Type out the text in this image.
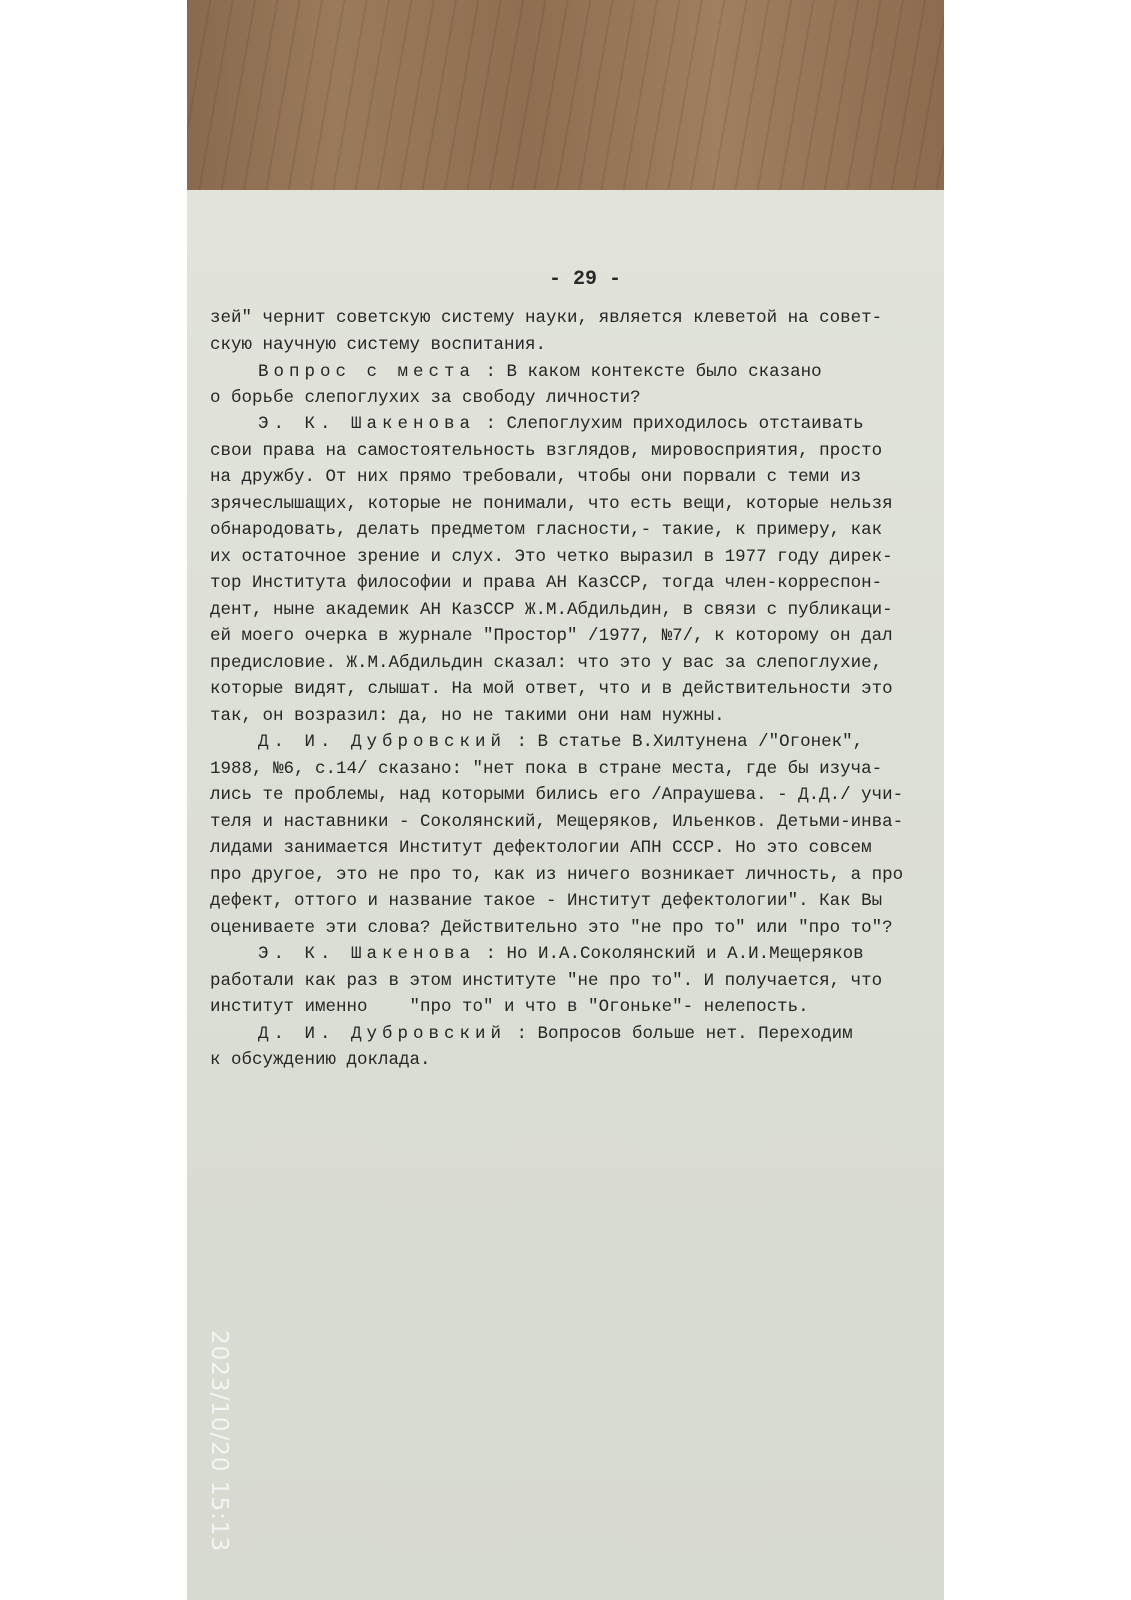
- 29 -
зей" чернит советскую систему науки, является клеветой на совет-
скую научную систему воспитания.
Вопрос с места : В каком контексте было сказано
о борьбе слепоглухих за свободу личности?
Э. К. Шакенова : Слепоглухим приходилось отстаивать
свои права на самостоятельность взглядов, мировосприятия, просто
на дружбу. От них прямо требовали, чтобы они порвали с теми из
зрячеслышащих, которые не понимали, что есть вещи, которые нельзя
обнародовать, делать предметом гласности,- такие, к примеру, как
их остаточное зрение и слух. Это четко выразил в 1977 году дирек-
тор Института философии и права АН КазССР, тогда член-корреспон-
дент, ныне академик АН КазССР Ж.М.Абдильдин, в связи с публикаци-
ей моего очерка в журнале "Простор" /1977, №7/, к которому он дал
предисловие. Ж.М.Абдильдин сказал: что это у вас за слепоглухие,
которые видят, слышат. На мой ответ, что и в действительности это
так, он возразил: да, но не такими они нам нужны.
Д. И. Дубровский : В статье В.Хилтунена /"Огонек",
1988, №6, с.14/ сказано: "нет пока в стране места, где бы изуча-
лись те проблемы, над которыми бились его /Апраушева. - Д.Д./ учи-
теля и наставники - Соколянский, Мещеряков, Ильенков. Детьми-инва-
лидами занимается Институт дефектологии АПН СССР. Но это совсем
про другое, это не про то, как из ничего возникает личность, а про
дефект, оттого и название такое - Институт дефектологии". Как Вы
оцениваете эти слова? Действительно это "не про то" или "про то"?
Э. К. Шакенова : Но И.А.Соколянский и А.И.Мещеряков
работали как раз в этом институте "не про то". И получается, что
институт именно    "про то" и что в "Огоньке"- нелепость.
Д. И. Дубровский : Вопросов больше нет. Переходим
к обсуждению доклада.
2023/10/20 15:13
